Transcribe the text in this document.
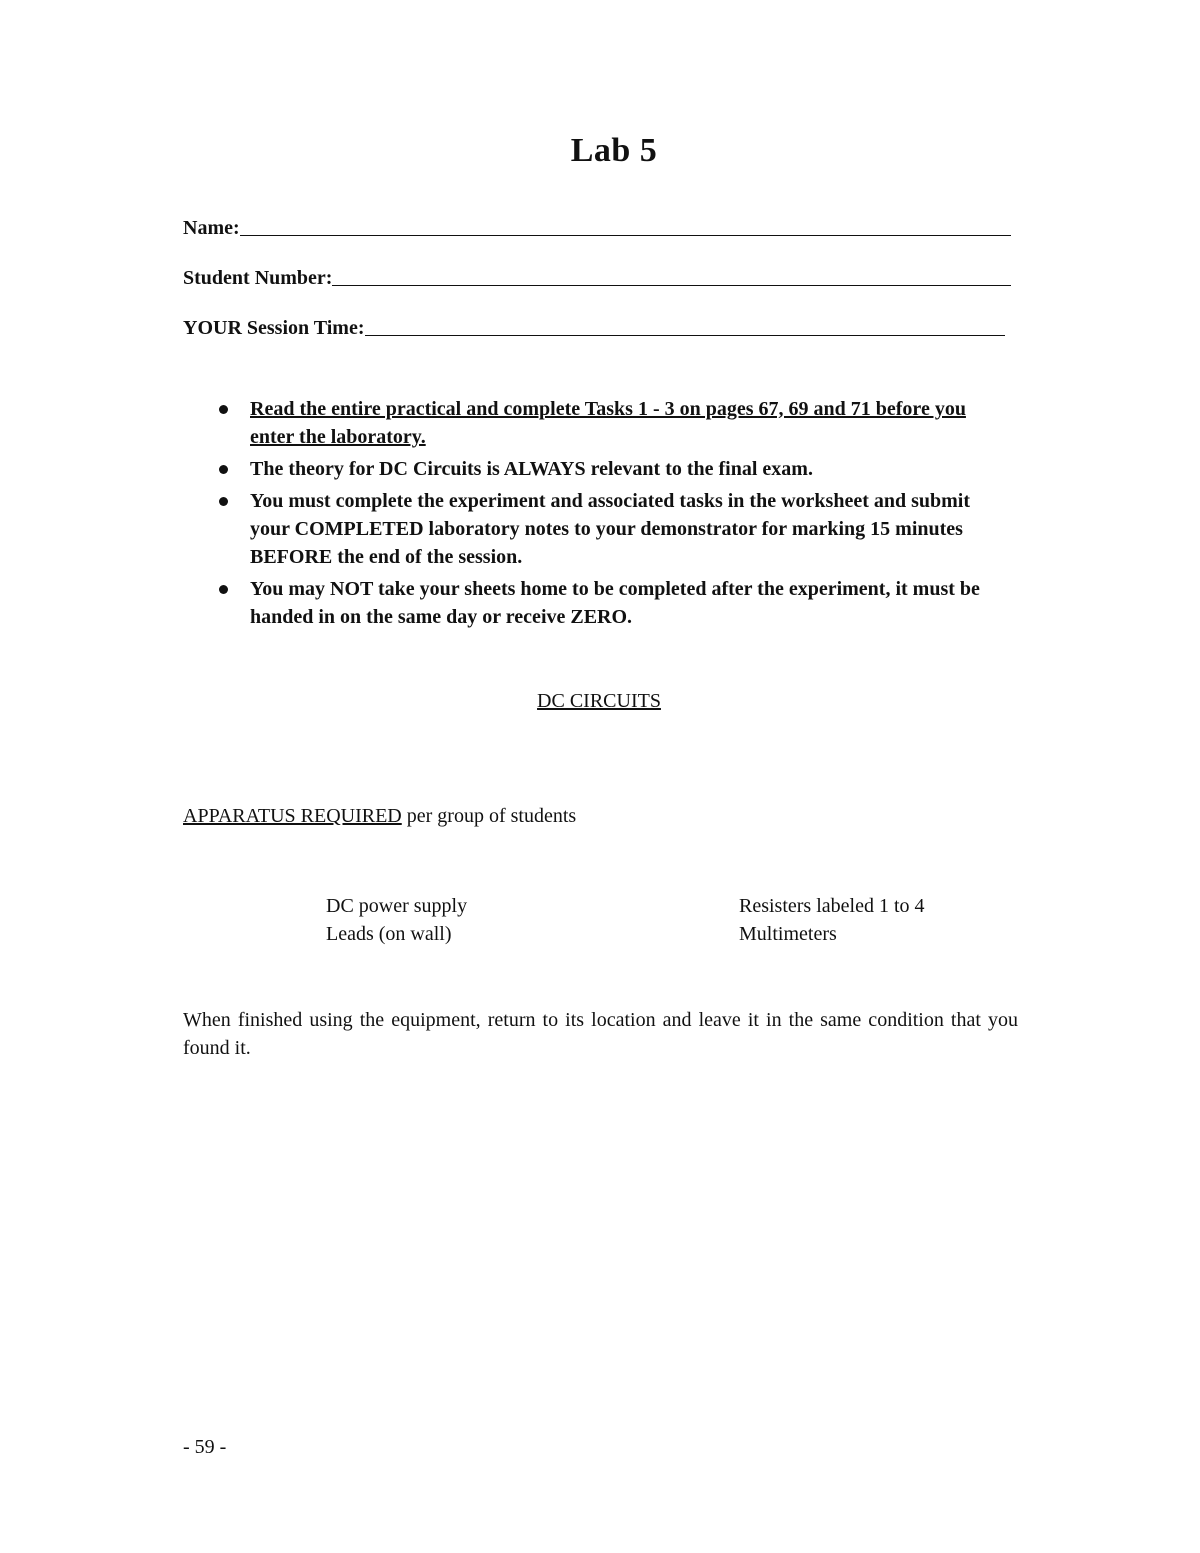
Lab 5
Name:
Student Number:
YOUR Session Time:
Read the entire practical and complete Tasks 1 - 3 on pages 67, 69 and 71 before you enter the laboratory.
The theory for DC Circuits is ALWAYS relevant to the final exam.
You must complete the experiment and associated tasks in the worksheet and submit your COMPLETED laboratory notes to your demonstrator for marking 15 minutes BEFORE the end of the session.
You may NOT take your sheets home to be completed after the experiment, it must be handed in on the same day or receive ZERO.
DC CIRCUITS
APPARATUS REQUIRED per group of students
DC power supply
Leads (on wall)
Resisters labeled 1 to 4
Multimeters
When finished using the equipment, return to its location and leave it in the same condition that you found it.
- 59 -
